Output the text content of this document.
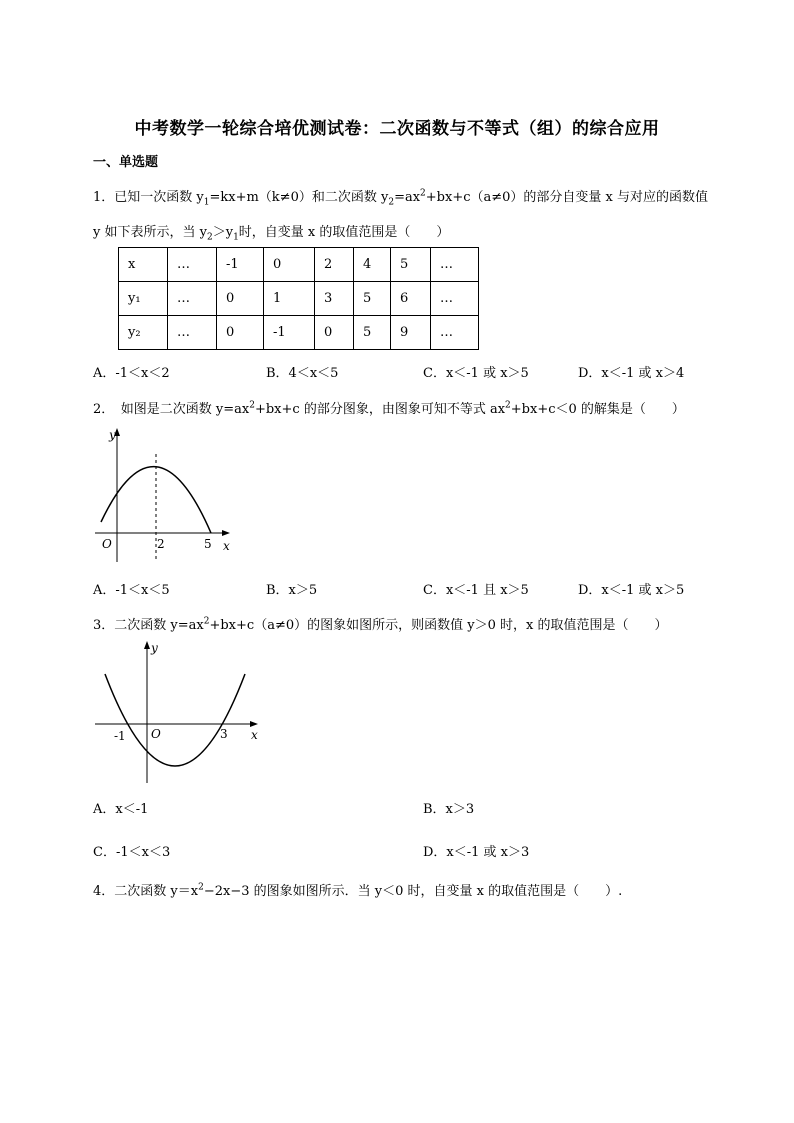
中考数学一轮综合培优测试卷：二次函数与不等式（组）的综合应用
一、单选题
1．已知一次函数 $y_1=kx+m(k\ne 0)$和二次函数 $y_2=ax^2+bx+c(a\ne 0)$的部分自变量 x 与对应的函数值
y 如下表所示，当 $y_2>y_1$时，自变量 x 的取值范围是（　　）
x	…	-1	0	2	4	5	…
y₁	…	0	1	3	5	6	…
y₂	…	0	-1	0	5	9	…
A．-1＜x＜2	B．4＜x＜5	C．x＜-1 或 x＞5	D．x＜-1 或 x＞4
2．　如图是二次函数 $y=ax^2+bx+c$ 的部分图象，由图象可知不等式 $ax^2+bx+c<0$ 的解集是（　　）
y
x
O	2	5
A．-1＜x＜5	B．x＞5	C．x＜-1 且 x＞5	D．x＜-1 或 x＞5
3．二次函数 $y=ax^2+bx+c(a\ne 0)$的图象如图所示，则函数值 y＞0 时，x 的取值范围是（　　）
y
x
O
-1	3
A．x＜-1	B．x＞3
C．-1＜x＜3	D．x＜-1 或 x＞3
4．二次函数 $y=x^2-2x-3$ 的图象如图所示．当 y＜0 时，自变量 x 的取值范围是（　　）.
